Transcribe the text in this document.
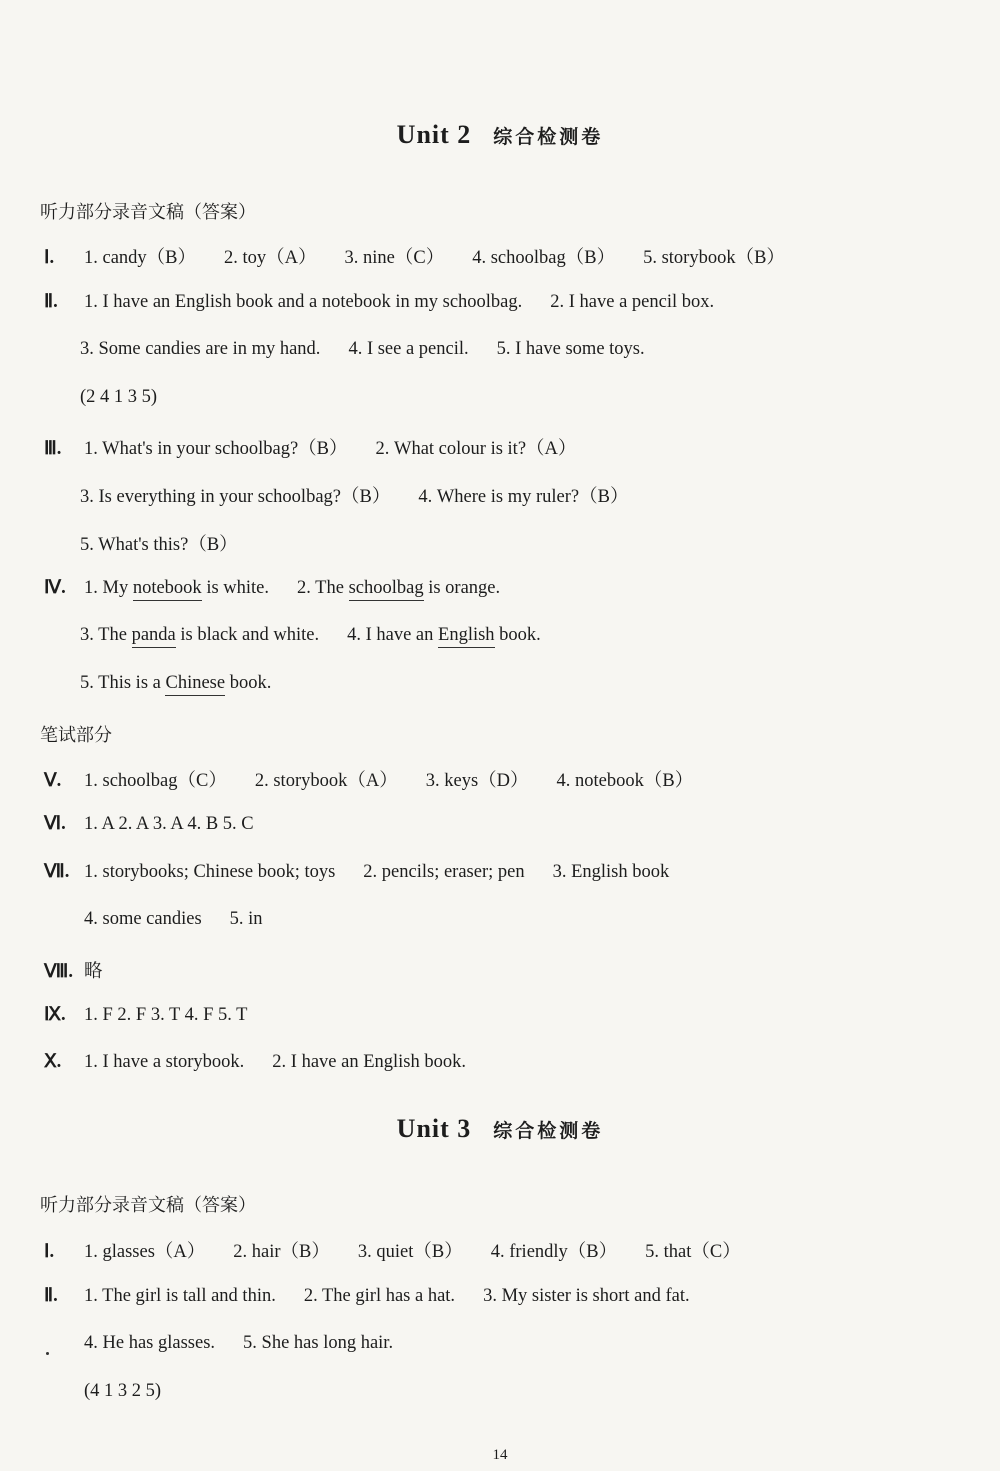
Unit 2 综合检测卷
听力部分录音文稿（答案）
Ⅰ. 1. candy（B） 2. toy（A） 3. nine（C） 4. schoolbag（B） 5. storybook（B）
Ⅱ. 1. I have an English book and a notebook in my schoolbag. 2. I have a pencil box.
3. Some candies are in my hand. 4. I see a pencil. 5. I have some toys.
(2 4 1 3 5)
Ⅲ. 1. What's in your schoolbag?（B） 2. What colour is it?（A）
3. Is everything in your schoolbag?（B） 4. Where is my ruler?（B）
5. What's this?（B）
Ⅳ. 1. My notebook is white. 2. The schoolbag is orange.
3. The panda is black and white. 4. I have an English book.
5. This is a Chinese book.
笔试部分
Ⅴ. 1. schoolbag（C） 2. storybook（A） 3. keys（D） 4. notebook（B）
Ⅵ. 1. A 2. A 3. A 4. B 5. C
Ⅶ. 1. storybooks; Chinese book; toys 2. pencils; eraser; pen 3. English book
4. some candies 5. in
Ⅷ. 略
Ⅸ. 1. F 2. F 3. T 4. F 5. T
Ⅹ. 1. I have a storybook. 2. I have an English book.
Unit 3 综合检测卷
听力部分录音文稿（答案）
Ⅰ. 1. glasses（A） 2. hair（B） 3. quiet（B） 4. friendly（B） 5. that（C）
Ⅱ. 1. The girl is tall and thin. 2. The girl has a hat. 3. My sister is short and fat.
4. He has glasses. 5. She has long hair.
(4 1 3 2 5)
14
